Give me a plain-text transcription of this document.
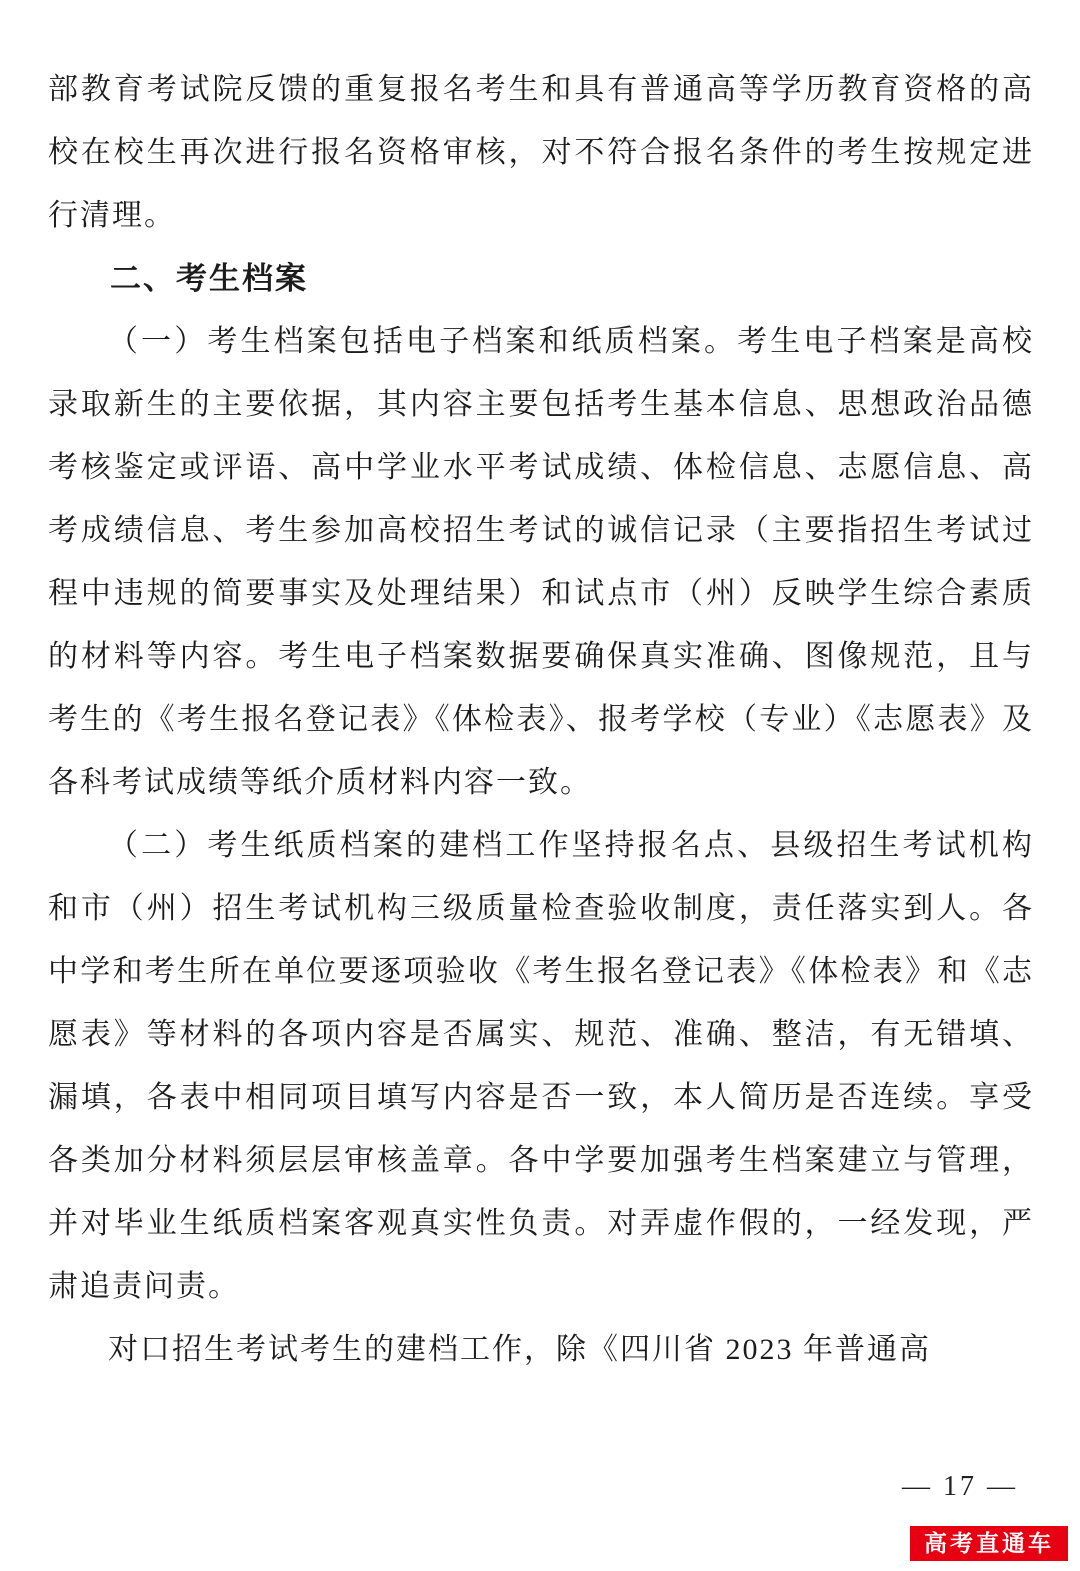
部教育考试院反馈的重复报名考生和具有普通高等学历教育资格的高校在校生再次进行报名资格审核，对不符合报名条件的考生按规定进行清理。

二、考生档案

（一）考生档案包括电子档案和纸质档案。考生电子档案是高校录取新生的主要依据，其内容主要包括考生基本信息、思想政治品德考核鉴定或评语、高中学业水平考试成绩、体检信息、志愿信息、高考成绩信息、考生参加高校招生考试的诚信记录（主要指招生考试过程中违规的简要事实及处理结果）和试点市（州）反映学生综合素质的材料等内容。考生电子档案数据要确保真实准确、图像规范，且与考生的《考生报名登记表》《体检表》、报考学校（专业）《志愿表》及各科考试成绩等纸介质材料内容一致。

（二）考生纸质档案的建档工作坚持报名点、县级招生考试机构和市（州）招生考试机构三级质量检查验收制度，责任落实到人。各中学和考生所在单位要逐项验收《考生报名登记表》《体检表》和《志愿表》等材料的各项内容是否属实、规范、准确、整洁，有无错填、漏填，各表中相同项目填写内容是否一致，本人简历是否连续。享受各类加分材料须层层审核盖章。各中学要加强考生档案建立与管理，并对毕业生纸质档案客观真实性负责。对弄虚作假的，一经发现，严肃追责问责。

对口招生考试考生的建档工作，除《四川省 2023 年普通高

— 17 —
高考直通车
